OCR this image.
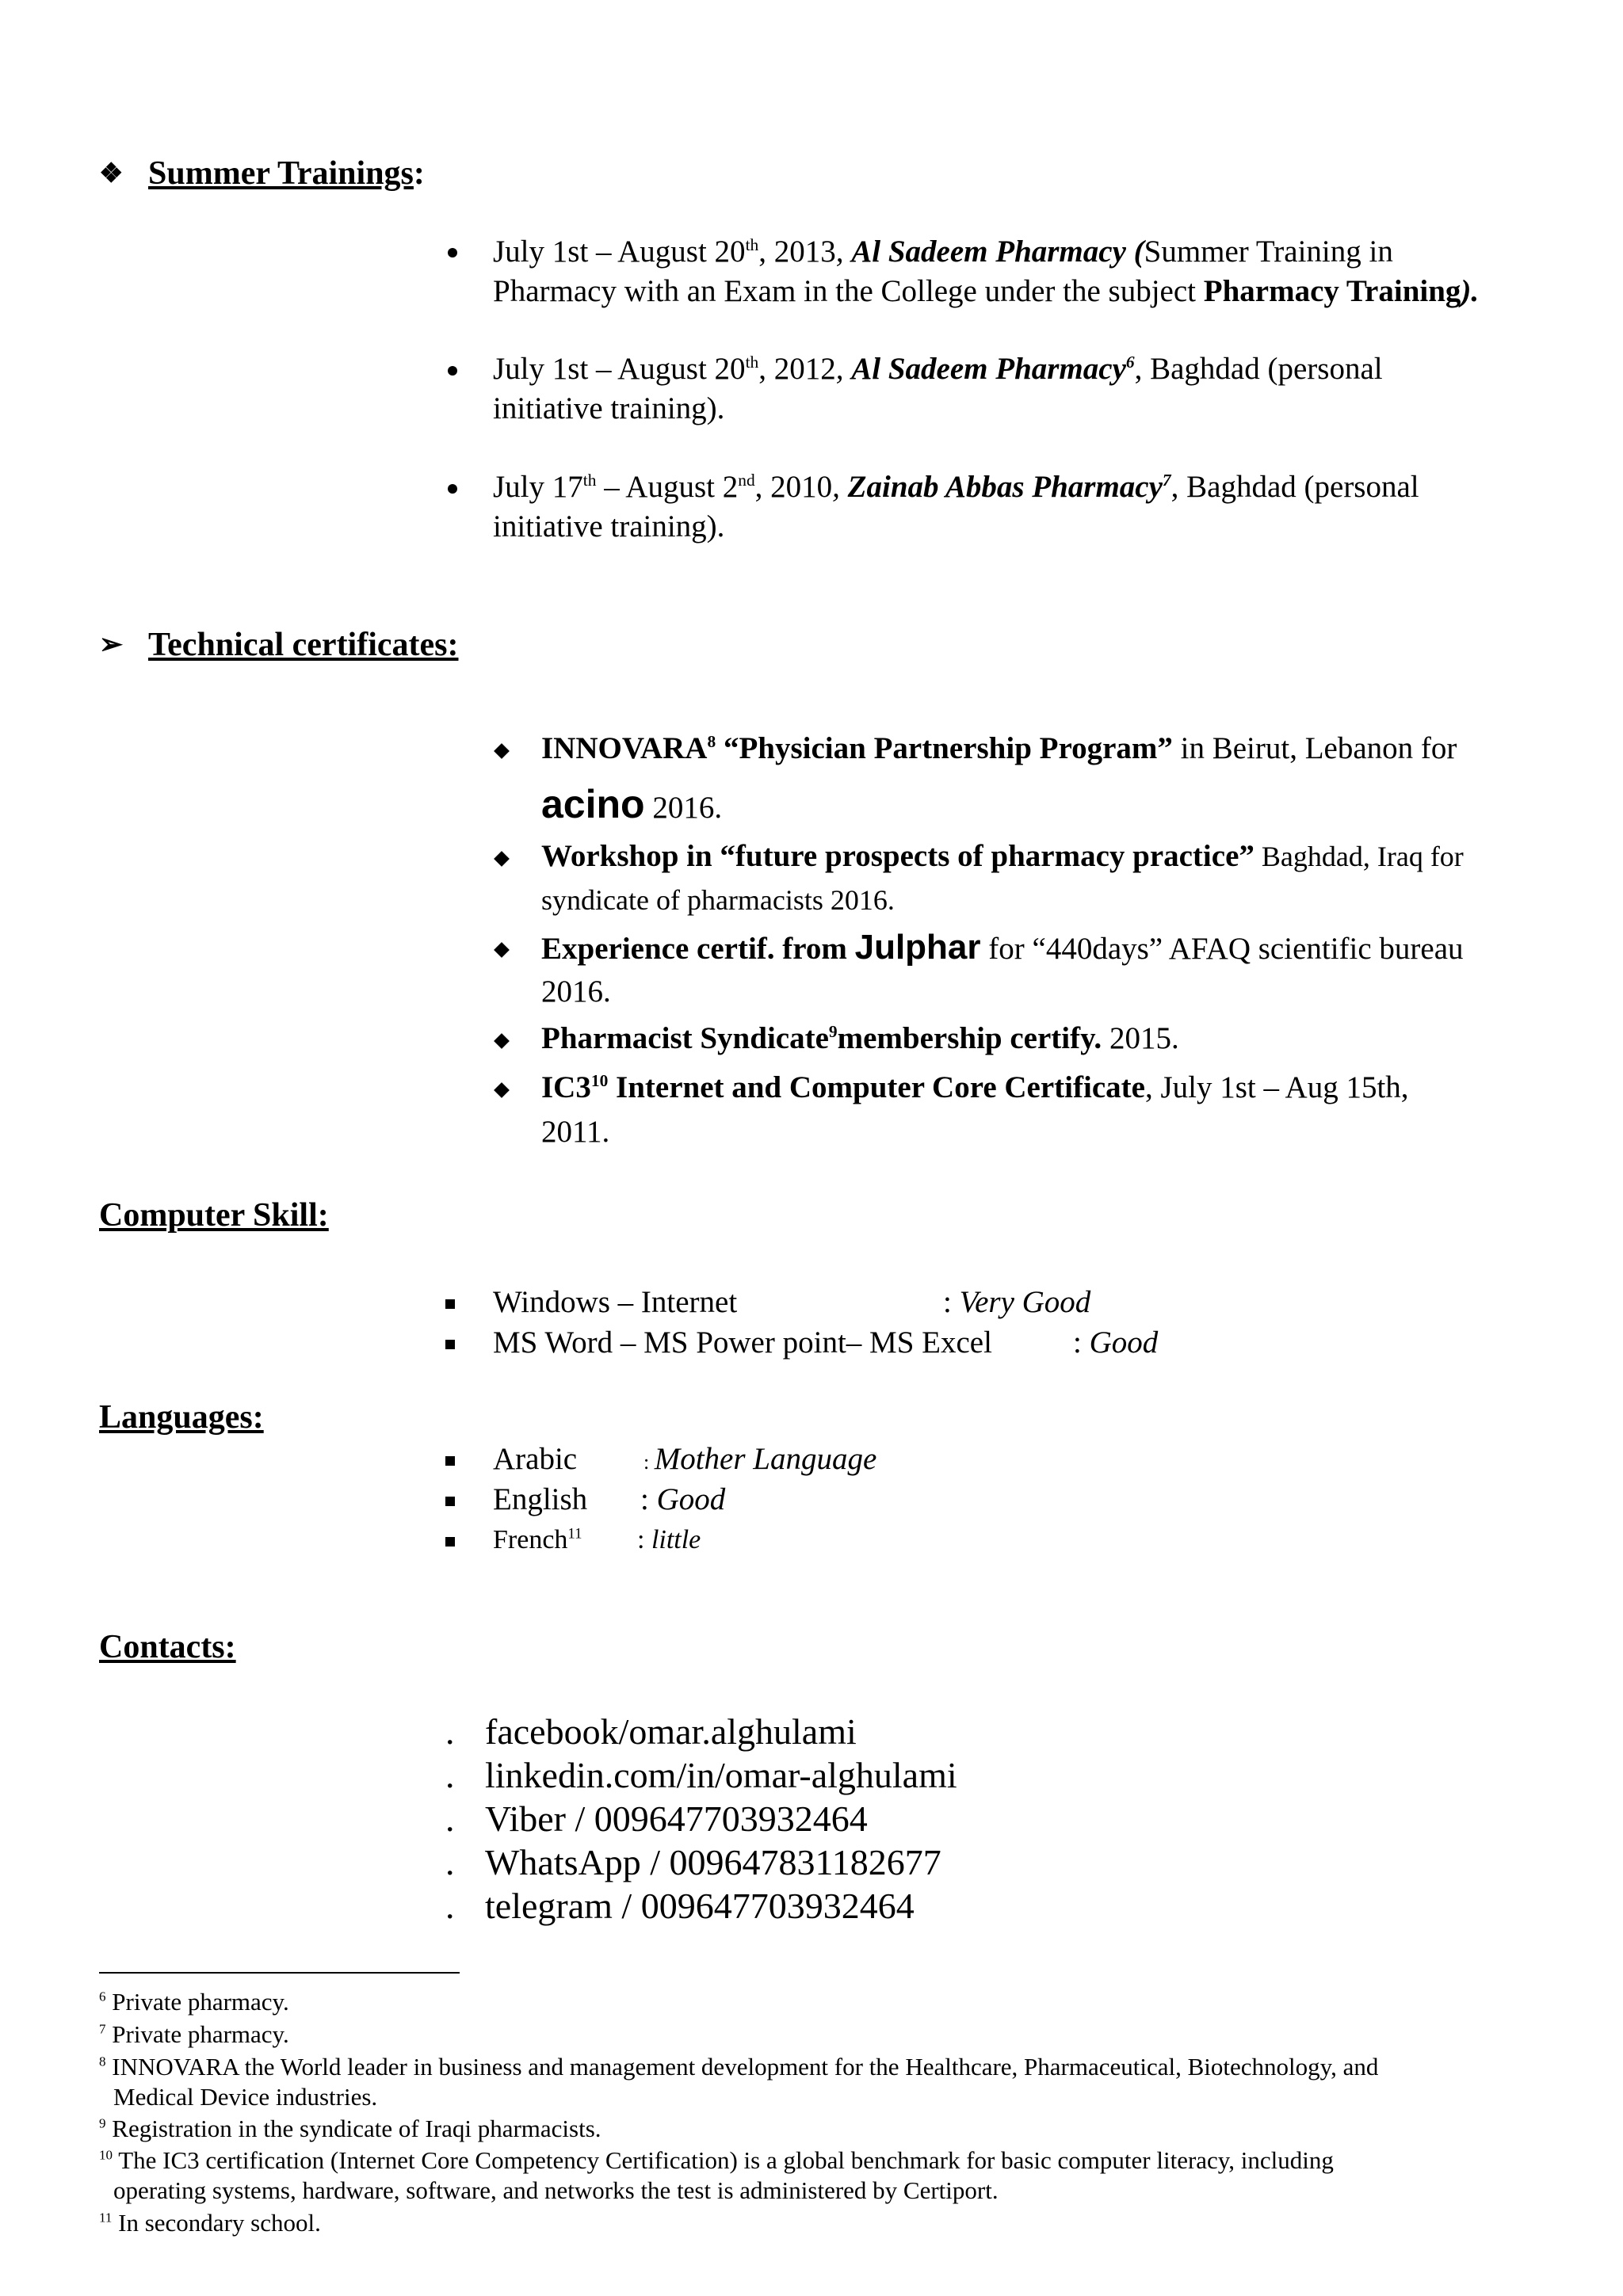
❖ Summer Trainings:
July 1st – August 20th, 2013, Al Sadeem Pharmacy (Summer Training in
Pharmacy with an Exam in the College under the subject Pharmacy Training).
July 1st – August 20th, 2012, Al Sadeem Pharmacy$^6$, Baghdad (personal
initiative training).
July 17th – August 2nd, 2010, Zainab Abbas Pharmacy$^7$, Baghdad (personal
initiative training).
➢ Technical certificates:
INNOVARA$^8$ “Physician Partnership Program” in Beirut, Lebanon for
acino 2016.
Workshop in “future prospects of pharmacy practice” Baghdad, Iraq for
syndicate of pharmacists 2016.
Experience certif. from Julphar for “440days” AFAQ scientific bureau
2016.
Pharmacist Syndicate$^9$membership certify. 2015.
$IC3^{10}$ Internet and Computer Core Certificate, July 1st – Aug 15th,
2011.
Computer Skill:
Windows – Internet	: Very Good
MS Word – MS Power point– MS Excel	: Good
Languages:
Arabic	: Mother Language
English : Good
French$^{11}$ : little
Contacts:
. facebook/omar.alghulami
. linkedin.com/in/omar-alghulami
. Viber / 009647703932464
. WhatsApp / 009647831182677
. telegram / 009647703932464
$^6$ Private pharmacy.
$^7$ Private pharmacy.
$^8$ INNOVARA the World leader in business and management development for the Healthcare, Pharmaceutical, Biotechnology, and
Medical Device industries.
$^9$ Registration in the syndicate of Iraqi pharmacists.
$^{10}$ The IC3 certification (Internet Core Competency Certification) is a global benchmark for basic computer literacy, including
operating systems, hardware, software, and networks the test is administered by Certiport.
$^{11}$ In secondary school.
